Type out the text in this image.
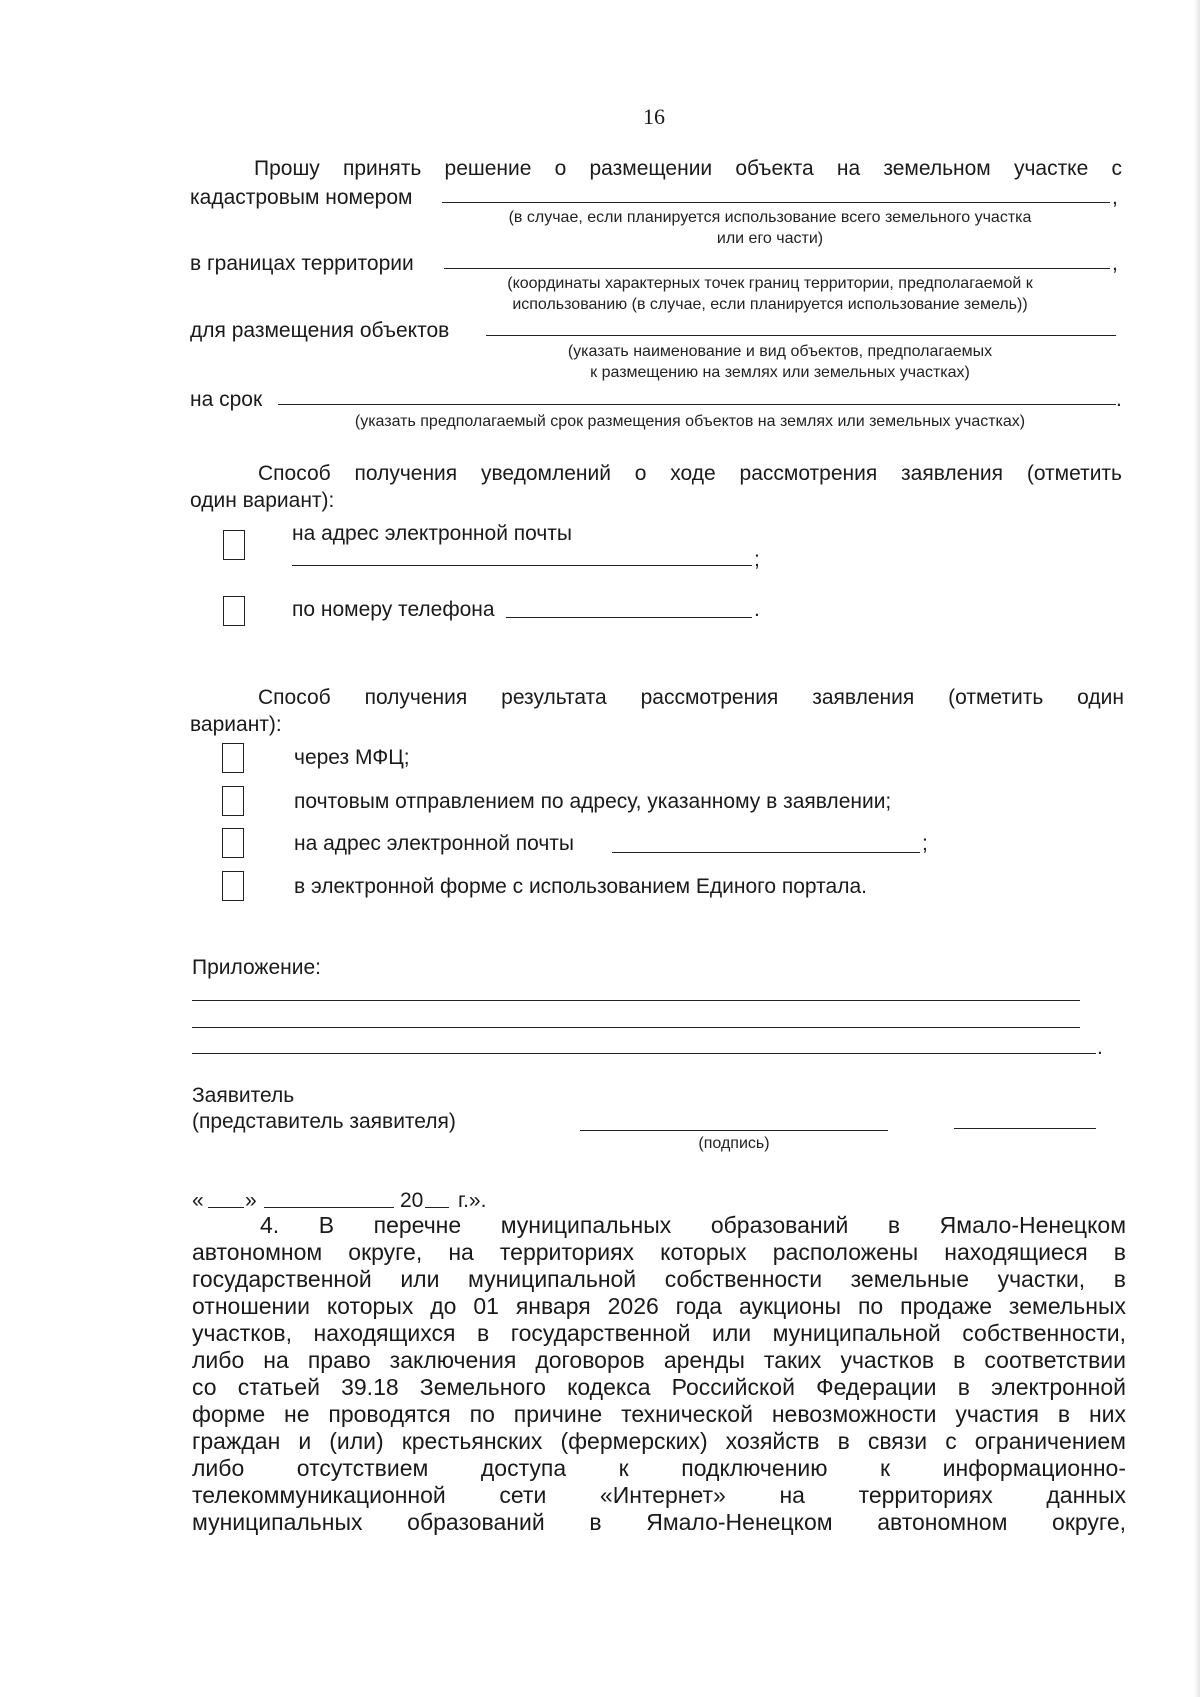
16
Прошу принять решение о размещении объекта на земельном участке с
кадастровым номером	,
(в случае, если планируется использование всего земельного участка
или его части)
в границах территории	,
(координаты характерных точек границ территории, предполагаемой к
использованию (в случае, если планируется использование земель))
для размещения объектов
(указать наименование и вид объектов, предполагаемых
к размещению на землях или земельных участках)
на срок	.
(указать предполагаемый срок размещения объектов на землях или земельных участках)
Способ получения уведомлений о ходе рассмотрения заявления (отметить
один вариант):
на адрес электронной почты
;
по номеру телефона	.
Способ получения результата рассмотрения заявления (отметить один
вариант):
через МФЦ;
почтовым отправлением по адресу, указанному в заявлении;
на адрес электронной почты	;
в электронной форме с использованием Единого портала.
Приложение:
.
Заявитель
(представитель заявителя)
(подпись)
« »	20 г.».
4. В перечне муниципальных образований в Ямало-Ненецком
автономном округе, на территориях которых расположены находящиеся в
государственной или муниципальной собственности земельные участки, в
отношении которых до 01 января 2026 года аукционы по продаже земельных
участков, находящихся в государственной или муниципальной собственности,
либо на право заключения договоров аренды таких участков в соответствии
со статьей 39.18 Земельного кодекса Российской Федерации в электронной
форме не проводятся по причине технической невозможности участия в них
граждан и (или) крестьянских (фермерских) хозяйств в связи с ограничением
либо отсутствием доступа к подключению к информационно-
телекоммуникационной сети «Интернет» на территориях данных
муниципальных образований в Ямало-Ненецком автономном округе,
